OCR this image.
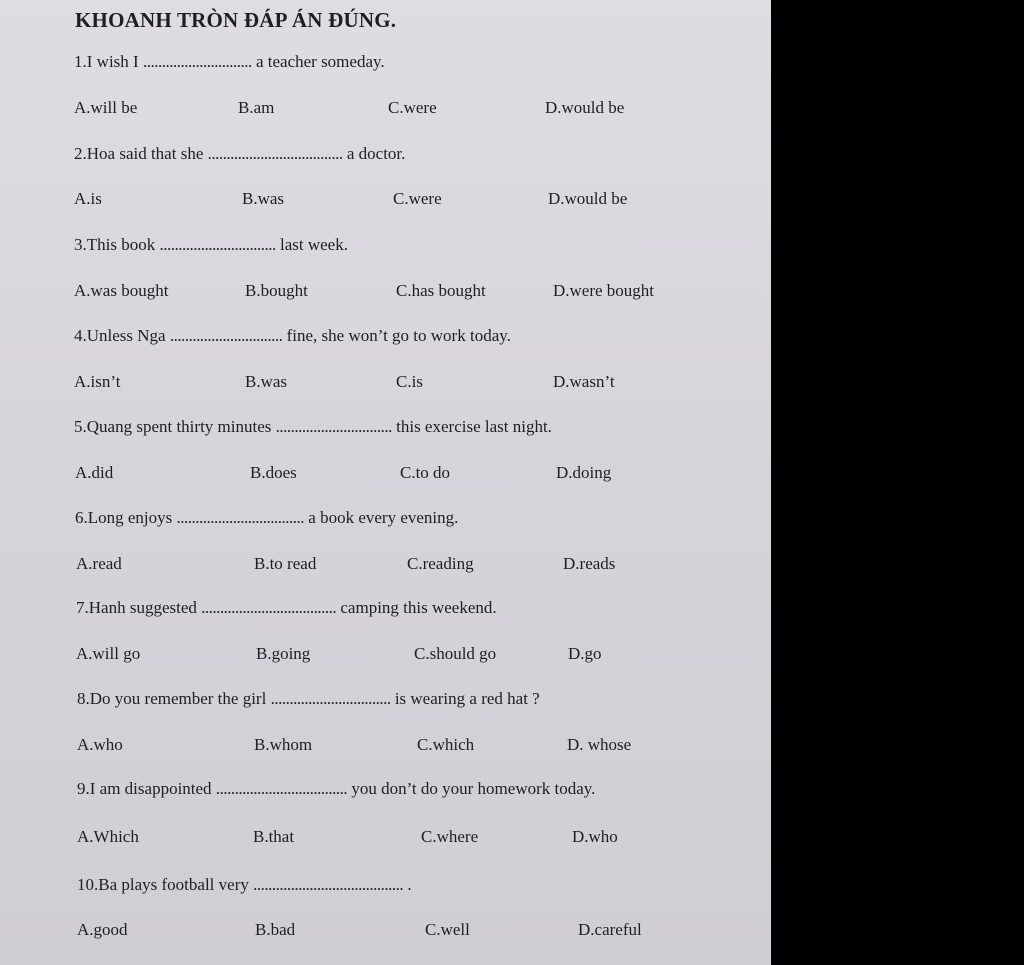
KHOANH TRÒN ĐÁP ÁN ĐÚNG.
1.I wish I ............................. a teacher someday.
A.will be	B.am	C.were	D.would be
2.Hoa said that she .................................... a doctor.
A.is	B.was	C.were	D.would be
3.This book ............................... last week.
A.was bought	B.bought	C.has bought	D.were bought
4.Unless Nga .............................. fine, she won’t go to work today.
A.isn’t	B.was	C.is	D.wasn’t
5.Quang spent thirty minutes ............................... this exercise last night.
A.did	B.does	C.to do	D.doing
6.Long enjoys .................................. a book every evening.
A.read	B.to read	C.reading	D.reads
7.Hanh suggested .................................... camping this weekend.
A.will go	B.going	C.should go	D.go
8.Do you remember the girl ................................ is wearing a red hat ?
A.who	B.whom	C.which	D. whose
9.I am disappointed ................................... you don’t do your homework today.
A.Which	B.that	C.where	D.who
10.Ba plays football very ........................................ .
A.good	B.bad	C.well	D.careful
